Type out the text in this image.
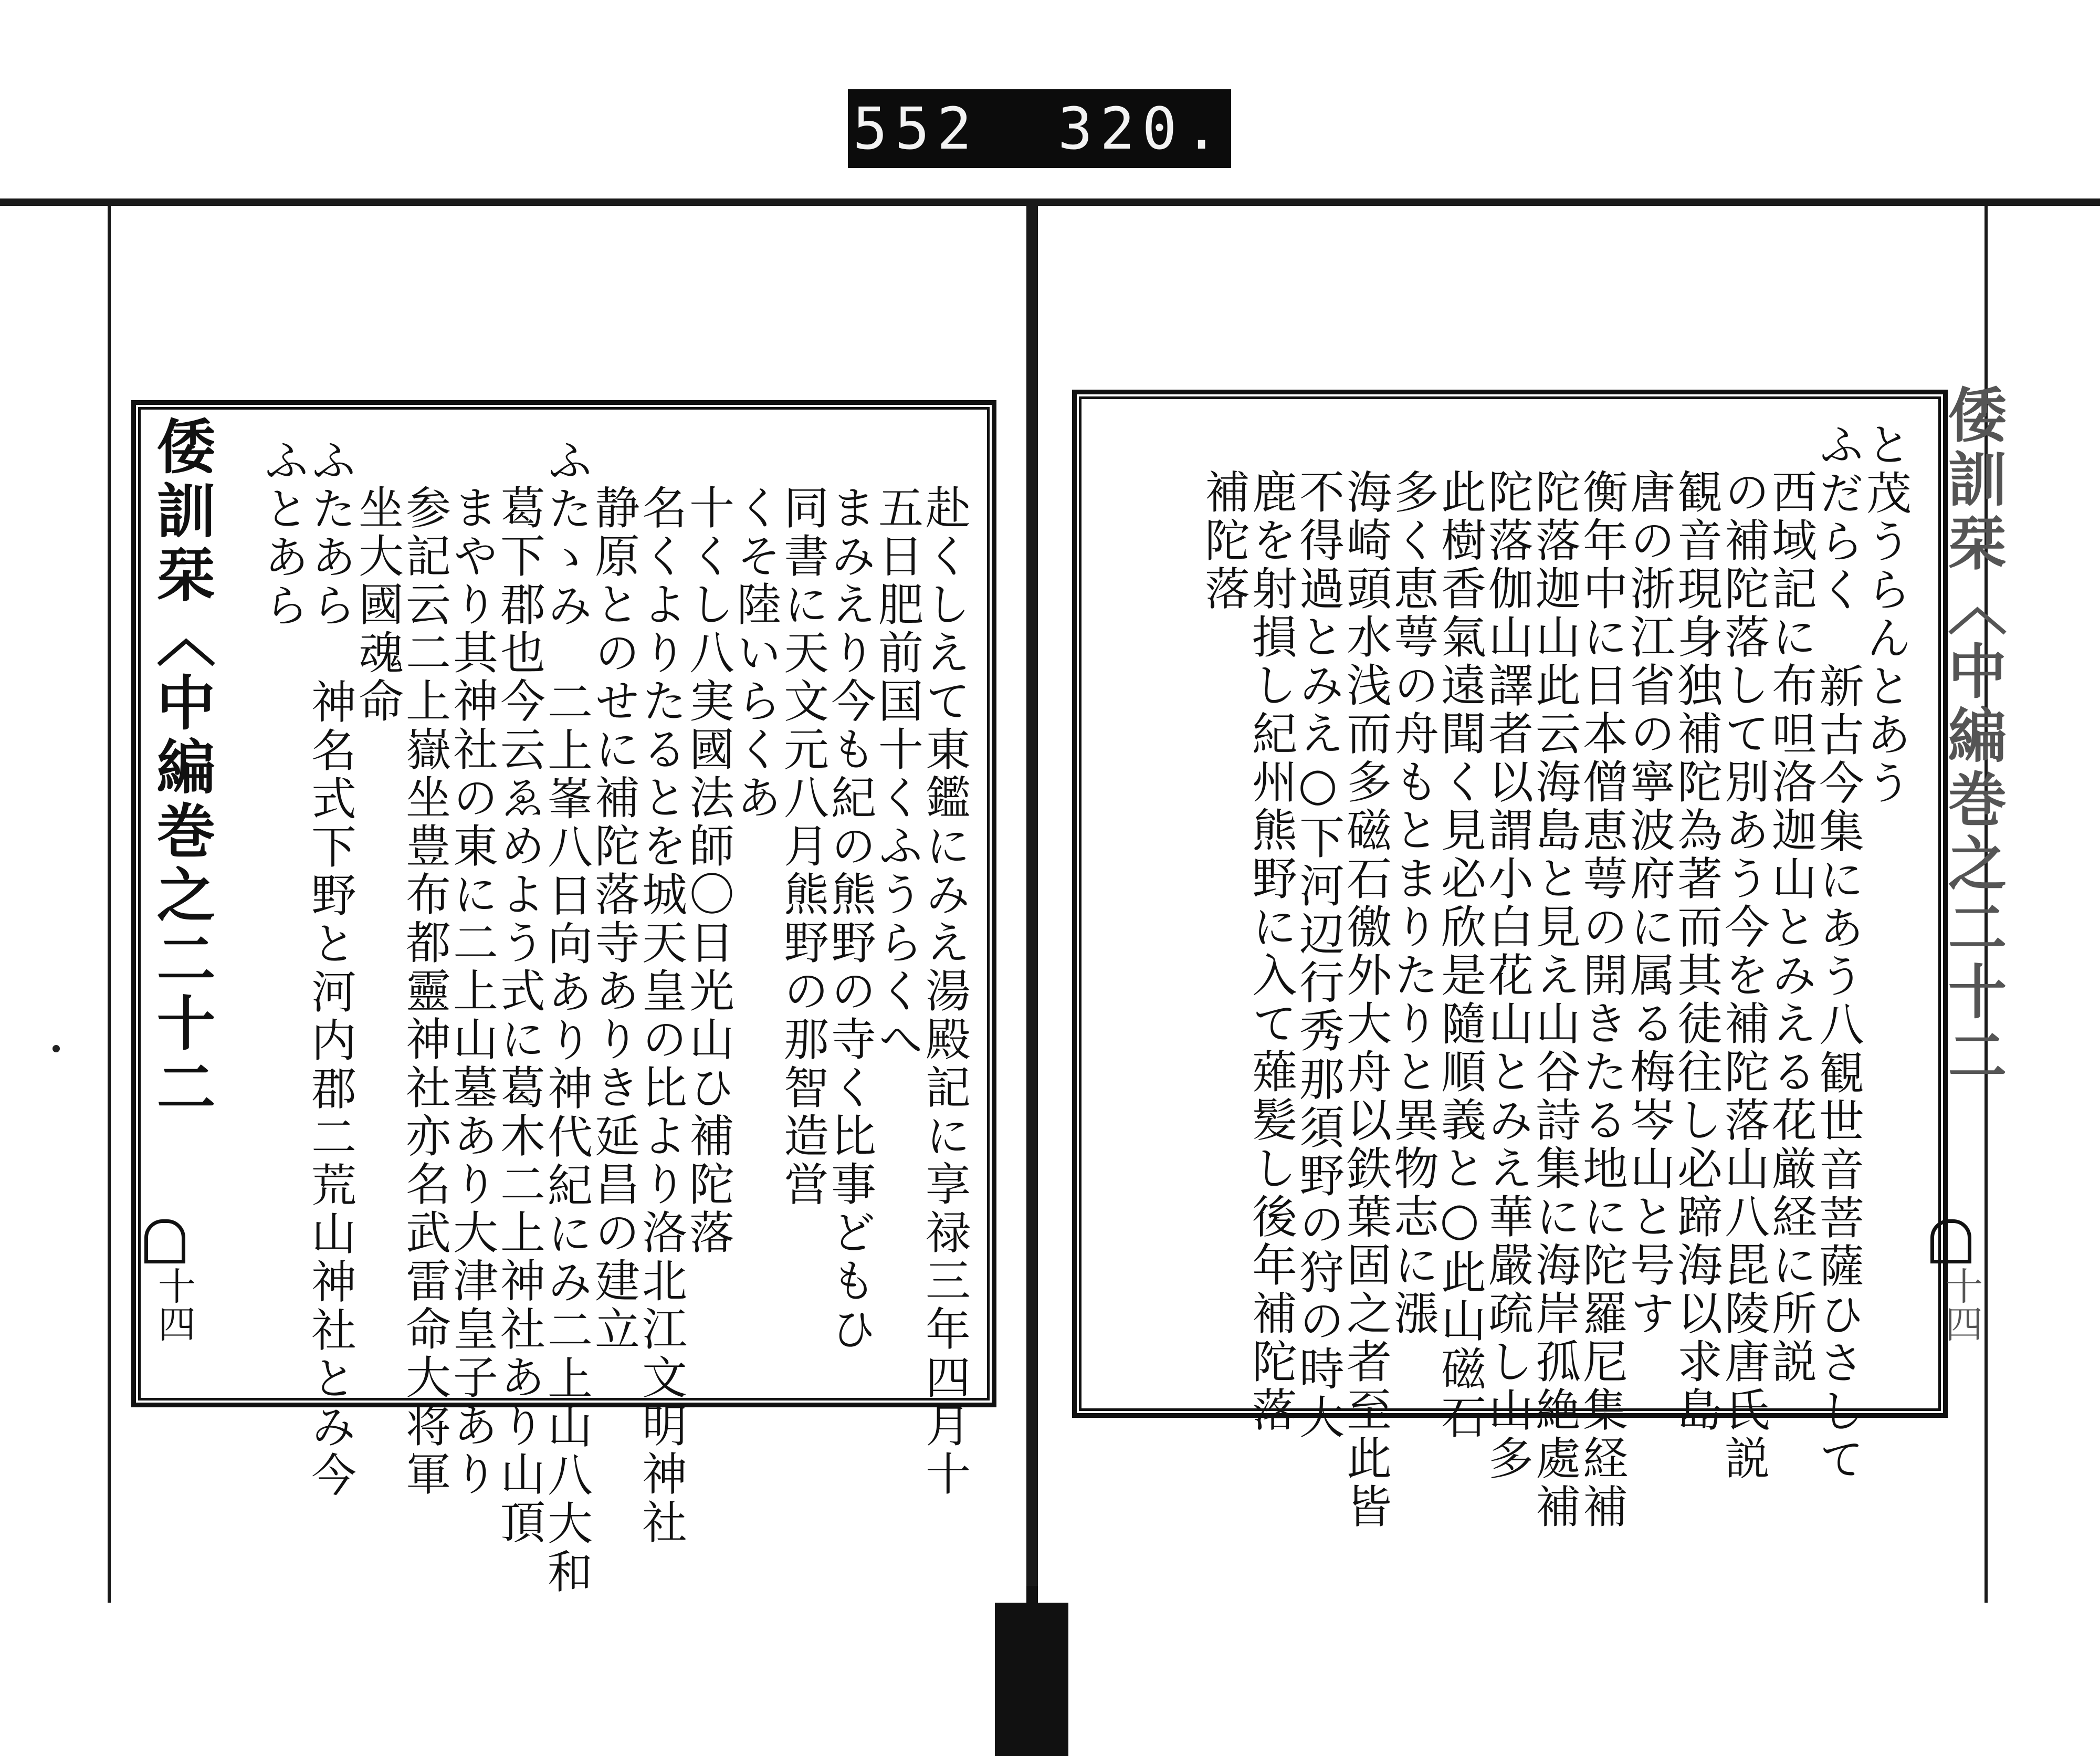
552 320.
倭訓栞〈中編巻之二十二
十四	赴くしえて東鑑にみえ湯殿記に享禄三年四月十
五日肥前国十くふうらくへ
まみえり今も紀の熊野の寺く比事どもひ
同書に天文元八月熊野の那智造営
くそ陸いらくあ
十くし八実國法師〇日光山ひ補陀落
名くよりたるとを城天皇の比より洛北江文明神社
静原とのせに補陀落寺ありき延昌の建立
ふたゝみ　二上峯八日向あり神代紀にみ二上山八大和
葛下郡也今云ゑめよう式に葛木二上神社あり山頂
まやり其神社の東に二上山墓あり大津皇子あり
参記云二上嶽坐豊布都靈神社亦名武雷命大将軍
坐大國魂命
ふたあら　神名式下野と河内郡二荒山神社とみ今
ふとあら	と茂うらんとあう
ふだらく　新古今集にあう八観世音菩薩ひさして
西域記に布呾洛迦山とみえる花厳経に所説
の補陀落して別あう今を補陀落山八毘陵唐氏説
観音現身独補陀為著而其徒往し必蹄海以求島
唐の浙江省の寧波府に属る梅岑山と号す
衡年中に日本僧恵萼の開きたる地に陀羅尼集経補
陀落迦山此云海島と見え山谷詩集に海岸孤絶處補
陀落伽山譯者以謂小白花山とみえ華嚴疏し山多
此樹香氣遠聞く見必欣是隨順義と○此山磁石
多く恵萼の舟もとまりたりと異物志に漲
海崎頭水浅而多磁石徼外大舟以鉄葉固之者至此皆
不得過とみえ○下河辺行秀那須野の狩の時大
鹿を射損し紀州熊野に入て薙髪し後年補陀落
補陀落	倭訓栞〈中編巻之二十二
十四
